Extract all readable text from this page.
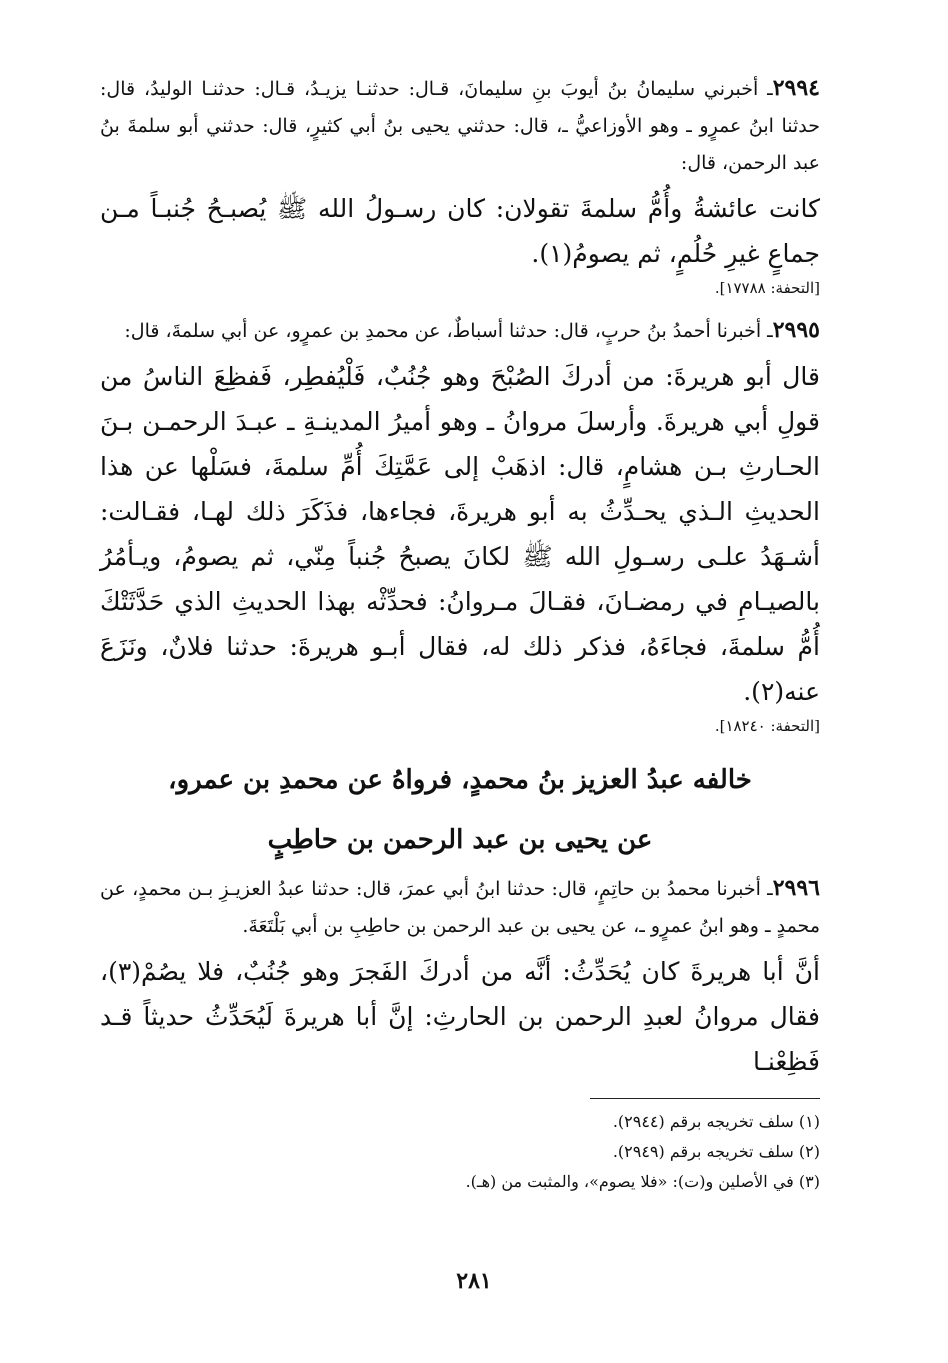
٢٩٩٤ـ أخبرني سليمانُ بنُ أيوبَ بنِ سليمانَ، قـال: حدثنـا يزيـدُ، قـال: حدثنـا الوليدُ، قال: حدثنا ابنُ عمرٍو ـ وهو الأوزاعيُّ ـ، قال: حدثني يحيى بنُ أبي كثيرٍ، قال: حدثني أبو سلمةَ بنُ عبد الرحمن، قال:

كانت عائشةُ وأُمُّ سلمةَ تقولان: كان رسـولُ الله ﷺ يُصبـحُ جُنبـاً مـن جماعٍ غيرِ حُلُمٍ، ثم يصومُ(١).

[التحفة: ١٧٧٨٨].

٢٩٩٥ـ أخبرنا أحمدُ بنُ حربٍ، قال: حدثنا أسباطٌ، عن محمدِ بن عمرٍو، عن أبي سلمةَ، قال:

قال أبو هريرةَ: من أدركَ الصُبْحَ وهو جُنُبٌ، فَلْيُفطِر، فَفظِعَ الناسُ من قولِ أبي هريرةَ. وأرسلَ مروانُ ـ وهو أميرُ المدينـةِ ـ عبـدَ الرحمـن بـنَ الحـارثِ بـن هشامٍ، قال: اذهَبْ إلى عَمَّتِكَ أُمِّ سلمةَ، فسَلْها عن هذا الحديثِ الـذي يحـدِّثُ به أبو هريرةَ، فجاءها، فذَكَرَ ذلك لهـا، فقـالت: أشـهَدُ علـى رسـولِ الله ﷺ لكانَ يصبحُ جُنباً مِنّي، ثم يصومُ، ويـأمُرُ بالصيـامِ في رمضـانَ، فقـالَ مـروانُ: فحدِّثْه بهذا الحديثِ الذي حَدَّثَتْكَ أُمُّ سلمةَ، فجاءَهُ، فذكر ذلك له، فقال أبـو هريرةَ: حدثنا فلانٌ، ونَزَعَ عنه(٢).

[التحفة: ١٨٢٤٠].

خالفه عبدُ العزيز بنُ محمدٍ، فرواهُ عن محمدِ بن عمرو،
عن يحيى بن عبد الرحمن بن حاطِبٍ

٢٩٩٦ـ أخبرنا محمدُ بن حاتِمٍ، قال: حدثنا ابنُ أبي عمرَ، قال: حدثنا عبدُ العزيـزِ بـن محمدٍ، عن محمدٍ ـ وهو ابنُ عمرٍو ـ، عن يحيى بن عبد الرحمن بن حاطِبِ بن أبي بَلْتَعَةَ.

أنَّ أبا هريرةَ كان يُحَدِّثُ: أنَّه من أدركَ الفَجرَ وهو جُنُبٌ، فلا يصُمْ(٣)، فقال مروانُ لعبدِ الرحمن بن الحارثِ: إنَّ أبا هريرةَ لَيُحَدِّثُ حديثاً قـد فَظِعْنـا

(١) سلف تخريجه برقم (٢٩٤٤).
(٢) سلف تخريجه برقم (٢٩٤٩).
(٣) في الأصلين و(ت): «فلا يصوم»، والمثبت من (هـ).
٢٨١
